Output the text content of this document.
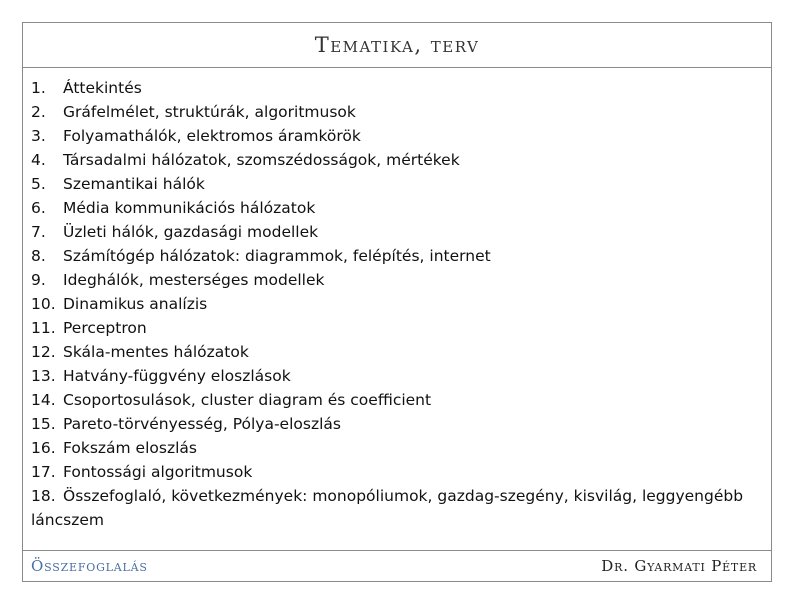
Tematika, terv
1.	Áttekintés
2.	Gráfelmélet, struktúrák, algoritmusok
3.	Folyamathálók, elektromos áramkörök
4.	Társadalmi hálózatok, szomszédosságok, mértékek
5.	Szemantikai hálók
6.	Média kommunikációs hálózatok
7.	Üzleti hálók, gazdasági modellek
8.	Számítógép hálózatok: diagrammok, felépítés, internet
9.	Ideghálók, mesterséges modellek
10. Dinamikus analízis
11. Perceptron
12. Skála-mentes hálózatok
13. Hatvány-függvény eloszlások
14. Csoportosulások, cluster diagram és coefficient
15. Pareto-törvényesség, Pólya-eloszlás
16. Fokszám eloszlás
17. Fontossági algoritmusok
18. Összefoglaló, következmények: monopóliumok, gazdag-szegény, kisvilág, leggyengébb láncszem
Összefoglalás	Dr. Gyarmati Péter
